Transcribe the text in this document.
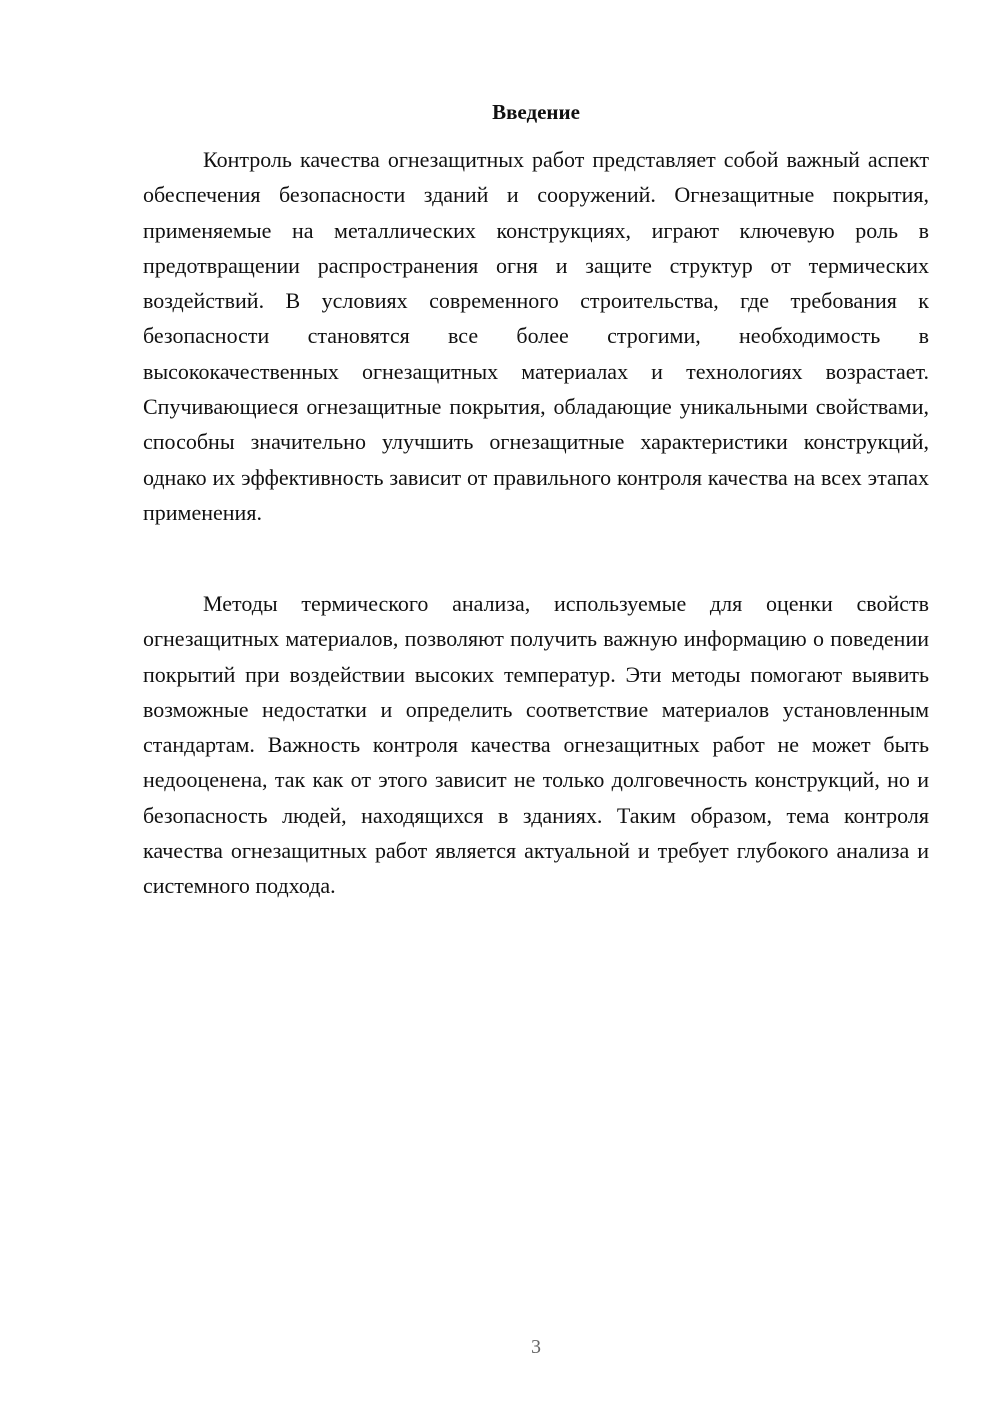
Введение

Контроль качества огнезащитных работ представляет собой важный аспект обеспечения безопасности зданий и сооружений. Огнезащитные покрытия, применяемые на металлических конструкциях, играют ключевую роль в предотвращении распространения огня и защите структур от термических воздействий. В условиях современного строительства, где требования к безопасности становятся все более строгими, необходимость в высококачественных огнезащитных материалах и технологиях возрастает. Спучивающиеся огнезащитные покрытия, обладающие уникальными свойствами, способны значительно улучшить огнезащитные характеристики конструкций, однако их эффективность зависит от правильного контроля качества на всех этапах применения.

Методы термического анализа, используемые для оценки свойств огнезащитных материалов, позволяют получить важную информацию о поведении покрытий при воздействии высоких температур. Эти методы помогают выявить возможные недостатки и определить соответствие материалов установленным стандартам. Важность контроля качества огнезащитных работ не может быть недооценена, так как от этого зависит не только долговечность конструкций, но и безопасность людей, находящихся в зданиях. Таким образом, тема контроля качества огнезащитных работ является актуальной и требует глубокого анализа и системного подхода.

3
